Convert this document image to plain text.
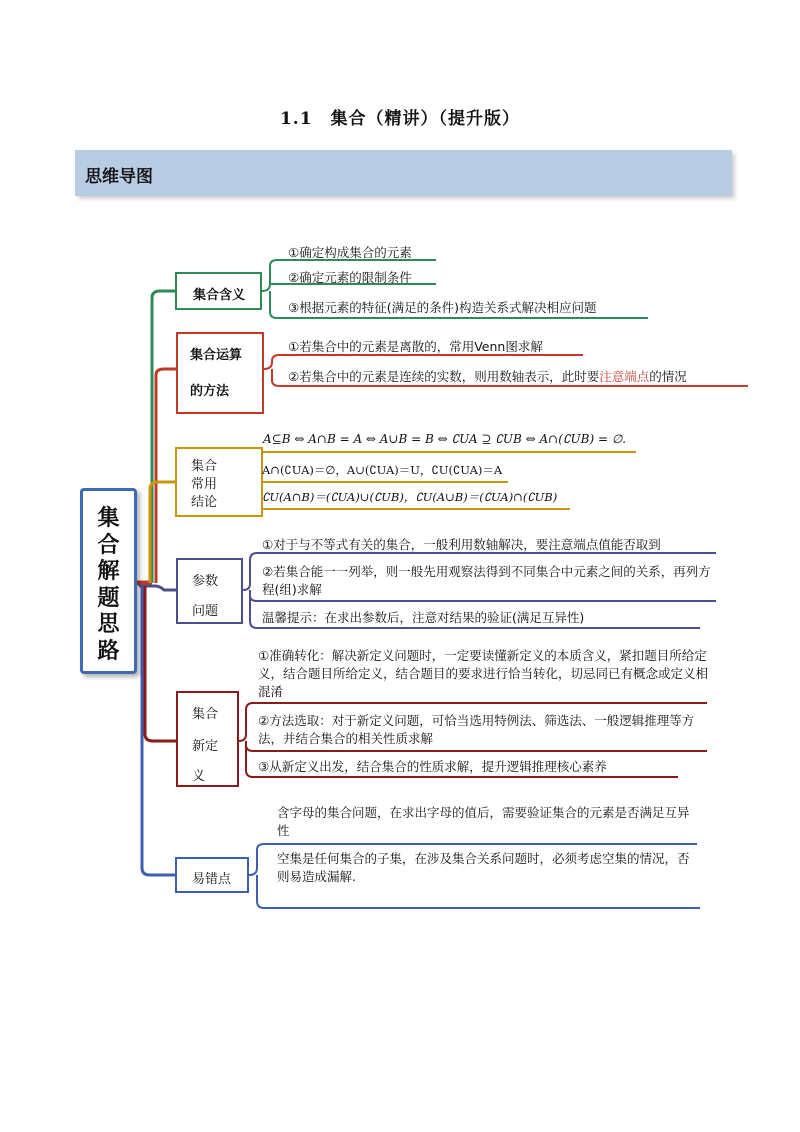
1.1　集合（精讲）（提升版）
思维导图
集
合
解
题
思
路
集合含义
①确定构成集合的元素
②确定元素的限制条件
③根据元素的特征(满足的条件)构造关系式解决相应问题
集合运算
的方法
①若集合中的元素是离散的，常用Venn图求解
②若集合中的元素是连续的实数，则用数轴表示，此时要注意端点的情况
集合
常用
结论
A⊆B ⇔ A∩B = A ⇔ A∪B = B ⇔ ∁UA ⊇ ∁UB ⇔ A∩(∁UB) = ∅.
A∩(∁UA)＝∅，A∪(∁UA)＝U，∁U(∁UA)＝A
∁U(A∩B)＝(∁UA)∪(∁UB)，∁U(A∪B)＝(∁UA)∩(∁UB)
参数
问题
①对于与不等式有关的集合，一般利用数轴解决，要注意端点值能否取到
②若集合能一一列举，则一般先用观察法得到不同集合中元素之间的关系，再列方程(组)求解
温馨提示：在求出参数后，注意对结果的验证(满足互异性)
集合
新定
义
①准确转化：解决新定义问题时，一定要读懂新定义的本质含义，紧扣题目所给定义，结合题目所给定义，结合题目的要求进行恰当转化，切忌同已有概念或定义相混淆
②方法选取：对于新定义问题，可恰当选用特例法、筛选法、一般逻辑推理等方法，并结合集合的相关性质求解
③从新定义出发，结合集合的性质求解，提升逻辑推理核心素养
易错点
含字母的集合问题，在求出字母的值后，需要验证集合的元素是否满足互异性
空集是任何集合的子集，在涉及集合关系问题时，必须考虑空集的情况，否则易造成漏解.
